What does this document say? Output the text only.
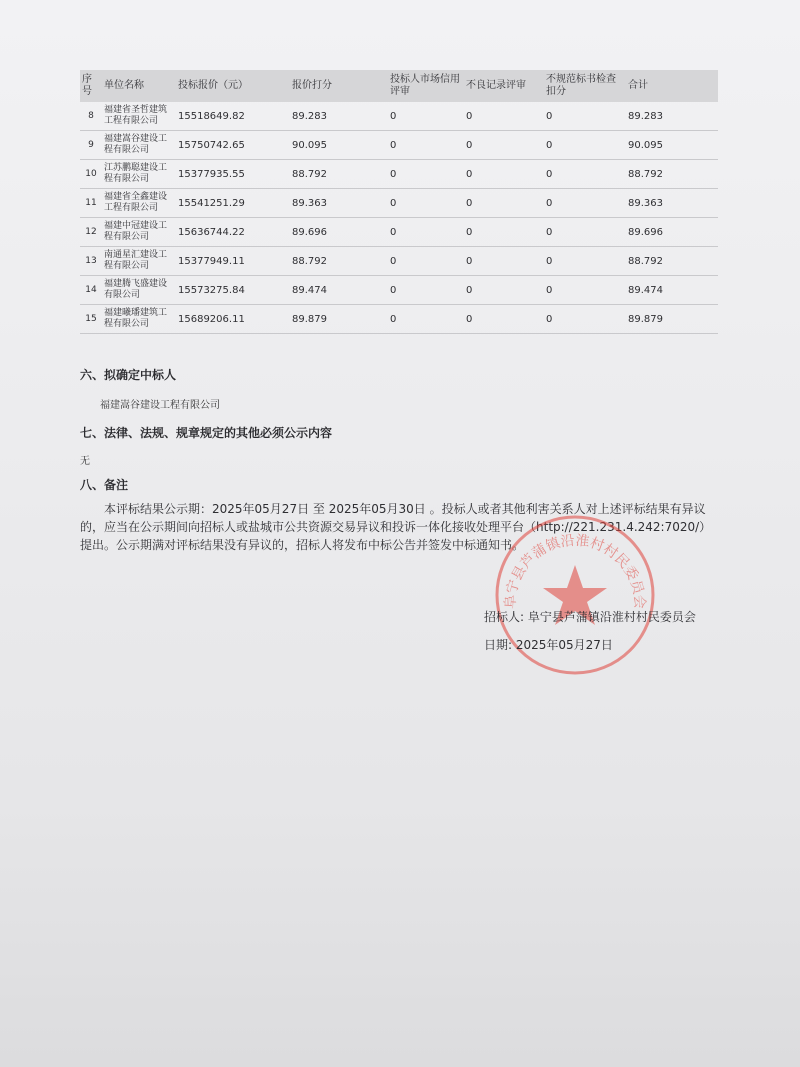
序号	单位名称	投标报价（元）	报价打分	投标人市场信用评审	不良记录评审	不规范标书检查扣分	合计
8	福建省圣哲建筑工程有限公司	15518649.82	89.283	0	0	0	89.283
9	福建嵩谷建设工程有限公司	15750742.65	90.095	0	0	0	90.095
10	江苏鹏聪建设工程有限公司	15377935.55	88.792	0	0	0	88.792
11	福建省全鑫建设工程有限公司	15541251.29	89.363	0	0	0	89.363
12	福建中冠建设工程有限公司	15636744.22	89.696	0	0	0	89.696
13	南通星汇建设工程有限公司	15377949.11	88.792	0	0	0	88.792
14	福建腾飞盛建设有限公司	15573275.84	89.474	0	0	0	89.474
15	福建曦璠建筑工程有限公司	15689206.11	89.879	0	0	0	89.879
六、拟确定中标人
福建嵩谷建设工程有限公司
七、法律、法规、规章规定的其他必须公示内容
无
八、备注
本评标结果公示期：2025年05月27日 至 2025年05月30日 。投标人或者其他利害关系人对上述评标结果有异议的，应当在公示期间向招标人或盐城市公共资源交易异议和投诉一体化接收处理平台（http://221.231.4.242:7020/）提出。公示期满对评标结果没有异议的，招标人将发布中标公告并签发中标通知书。
阜宁县芦蒲镇沿淮村村民委员会
招标人: 阜宁县芦蒲镇沿淮村村民委员会
日期: 2025年05月27日
